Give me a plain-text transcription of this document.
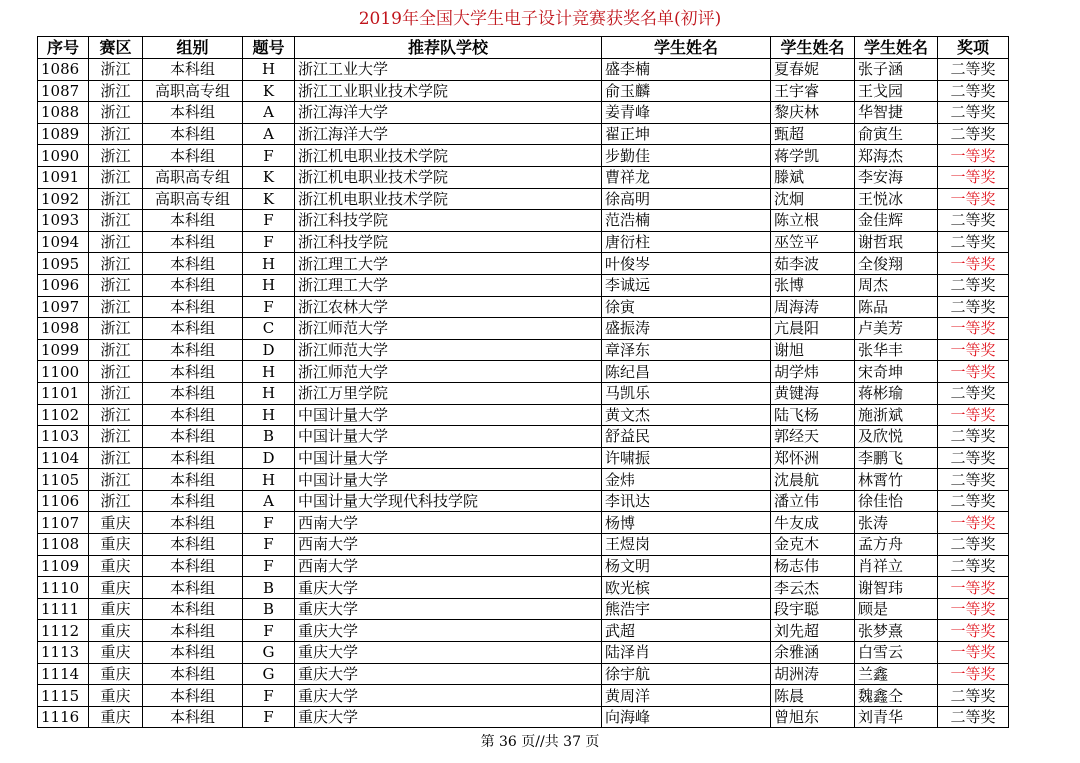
2019年全国大学生电子设计竞赛获奖名单(初评)
序号	赛区	组别	题号	推荐队学校	学生姓名	学生姓名	学生姓名	奖项
1086	浙江	本科组	H	浙江工业大学	盛李楠	夏春妮	张子涵	二等奖
1087	浙江	高职高专组	K	浙江工业职业技术学院	俞玉麟	王宇睿	王戈园	二等奖
1088	浙江	本科组	A	浙江海洋大学	姜青峰	黎庆林	华智捷	二等奖
1089	浙江	本科组	A	浙江海洋大学	翟正坤	甄超	俞寅生	二等奖
1090	浙江	本科组	F	浙江机电职业技术学院	步勤佳	蒋学凯	郑海杰	一等奖
1091	浙江	高职高专组	K	浙江机电职业技术学院	曹祥龙	滕斌	李安海	一等奖
1092	浙江	高职高专组	K	浙江机电职业技术学院	徐高明	沈炯	王悦冰	一等奖
1093	浙江	本科组	F	浙江科技学院	范浩楠	陈立根	金佳辉	二等奖
1094	浙江	本科组	F	浙江科技学院	唐衍柱	巫笠平	谢哲珉	二等奖
1095	浙江	本科组	H	浙江理工大学	叶俊岑	茹李波	全俊翔	一等奖
1096	浙江	本科组	H	浙江理工大学	李诚远	张博	周杰	二等奖
1097	浙江	本科组	F	浙江农林大学	徐寅	周海涛	陈品	二等奖
1098	浙江	本科组	C	浙江师范大学	盛振涛	亢晨阳	卢美芳	一等奖
1099	浙江	本科组	D	浙江师范大学	章泽东	谢旭	张华丰	一等奖
1100	浙江	本科组	H	浙江师范大学	陈纪昌	胡学炜	宋奇坤	一等奖
1101	浙江	本科组	H	浙江万里学院	马凯乐	黄键海	蒋彬瑜	二等奖
1102	浙江	本科组	H	中国计量大学	黄文杰	陆飞杨	施浙斌	一等奖
1103	浙江	本科组	B	中国计量大学	舒益民	郭经天	及欣悦	二等奖
1104	浙江	本科组	D	中国计量大学	许啸振	郑怀洲	李鹏飞	二等奖
1105	浙江	本科组	H	中国计量大学	金炜	沈晨航	林霄竹	二等奖
1106	浙江	本科组	A	中国计量大学现代科技学院	李讯达	潘立伟	徐佳怡	二等奖
1107	重庆	本科组	F	西南大学	杨博	牛友成	张涛	一等奖
1108	重庆	本科组	F	西南大学	王煜岗	金克木	孟方舟	二等奖
1109	重庆	本科组	F	西南大学	杨文明	杨志伟	肖祥立	二等奖
1110	重庆	本科组	B	重庆大学	欧光槟	李云杰	谢智玮	一等奖
1111	重庆	本科组	B	重庆大学	熊浩宇	段宇聪	顾是	一等奖
1112	重庆	本科组	F	重庆大学	武超	刘先超	张梦熹	一等奖
1113	重庆	本科组	G	重庆大学	陆泽肖	余雅涵	白雪云	一等奖
1114	重庆	本科组	G	重庆大学	徐宇航	胡洲涛	兰鑫	一等奖
1115	重庆	本科组	F	重庆大学	黄周洋	陈晨	魏鑫仝	二等奖
1116	重庆	本科组	F	重庆大学	向海峰	曾旭东	刘青华	二等奖
第 36 页//共 37 页
